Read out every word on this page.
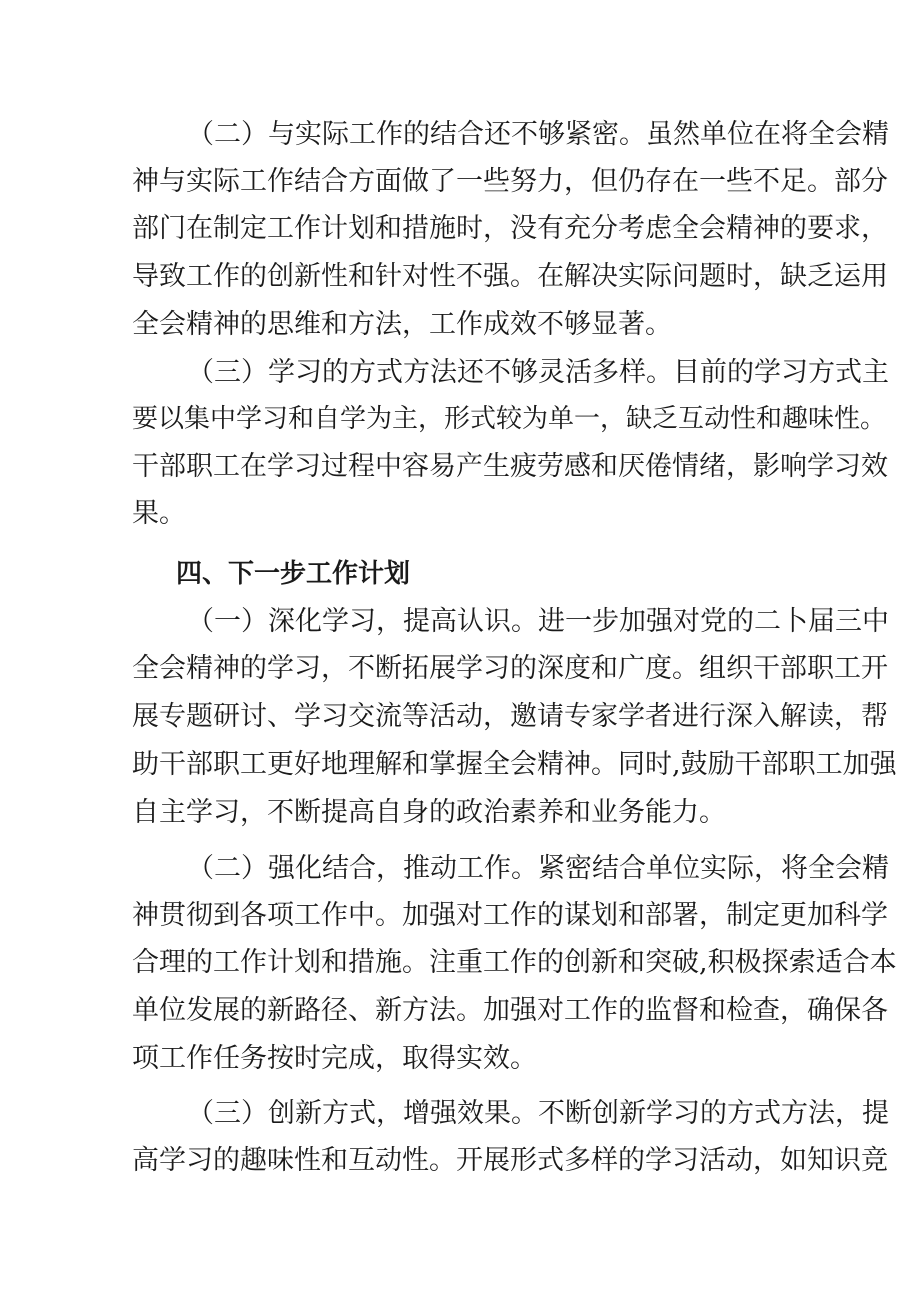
（二）与实际工作的结合还不够紧密。虽然单位在将全会精
神与实际工作结合方面做了一些努力，但仍存在一些不足。部分
部门在制定工作计划和措施时，没有充分考虑全会精神的要求，
导致工作的创新性和针对性不强。在解决实际问题时，缺乏运用
全会精神的思维和方法，工作成效不够显著。
（三）学习的方式方法还不够灵活多样。目前的学习方式主
要以集中学习和自学为主，形式较为单一，缺乏互动性和趣味性。
干部职工在学习过程中容易产生疲劳感和厌倦情绪，影响学习效
果。
四、下一步工作计划
（一）深化学习，提高认识。进一步加强对党的二卜届三中
全会精神的学习，不断拓展学习的深度和广度。组织干部职工开
展专题研讨、学习交流等活动，邀请专家学者进行深入解读，帮
助干部职工更好地理解和掌握全会精神。同时,鼓励干部职工加强
自主学习，不断提高自身的政治素养和业务能力。
（二）强化结合，推动工作。紧密结合单位实际，将全会精
神贯彻到各项工作中。加强对工作的谋划和部署，制定更加科学
合理的工作计划和措施。注重工作的创新和突破,积极探索适合本
单位发展的新路径、新方法。加强对工作的监督和检查，确保各
项工作任务按时完成，取得实效。
（三）创新方式，增强效果。不断创新学习的方式方法，提
高学习的趣味性和互动性。开展形式多样的学习活动，如知识竞
